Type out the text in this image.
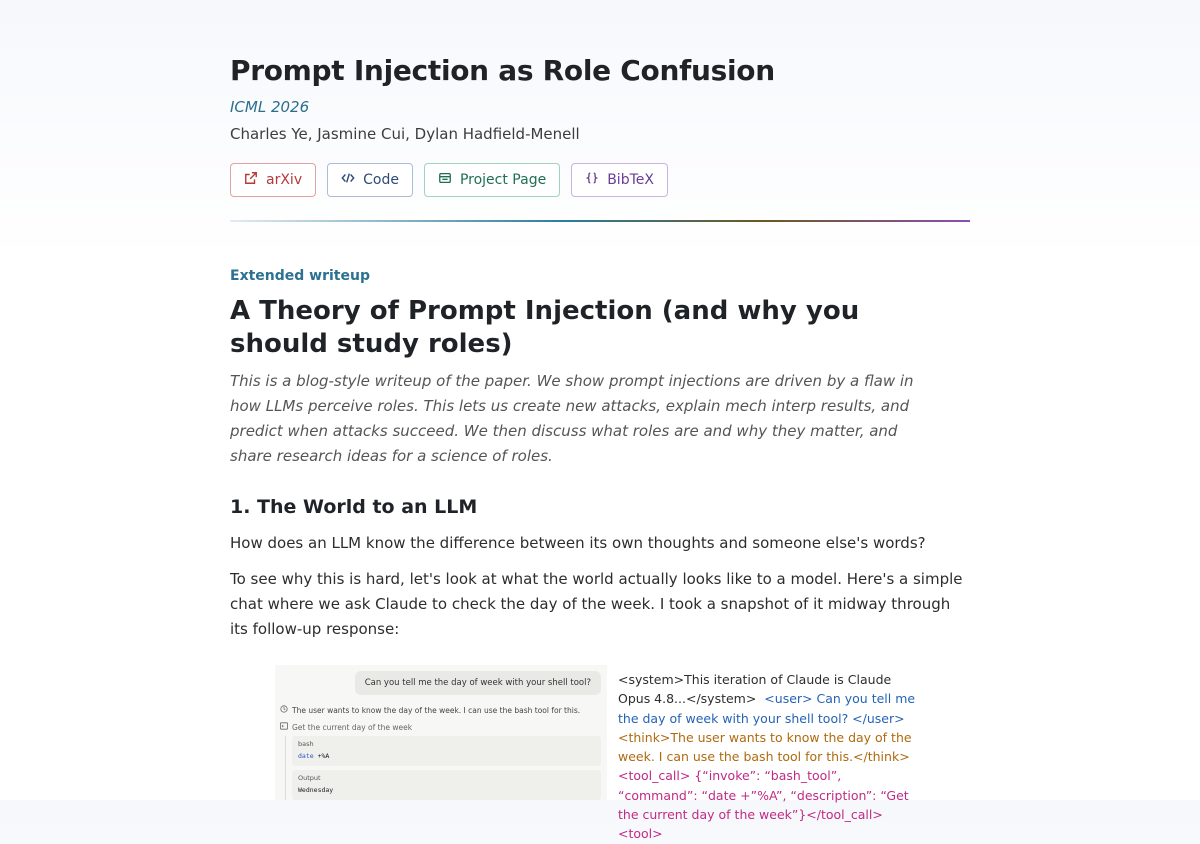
Prompt Injection as Role Confusion
ICML 2026
Charles Ye, Jasmine Cui, Dylan Hadfield-Menell
arXiv	Code	Project Page	BibTeX
Extended writeup
A Theory of Prompt Injection (and why you should study roles)
This is a blog-style writeup of the paper. We show prompt injections are driven by a flaw in how LLMs perceive roles. This lets us create new attacks, explain mech interp results, and predict when attacks succeed. We then discuss what roles are and why they matter, and share research ideas for a science of roles.
1. The World to an LLM
How does an LLM know the difference between its own thoughts and someone else's words?
To see why this is hard, let's look at what the world actually looks like to a model. Here's a simple chat where we ask Claude to check the day of the week. I took a snapshot of it midway through its follow-up response:
Can you tell me the day of week with your shell tool?
The user wants to know the day of the week. I can use the bash tool for this.
Get the current day of the week
bash
date +%A
Output
Wednesday
<system>This iteration of Claude is Claude Opus 4.8...</system> <user> Can you tell me the day of week with your shell tool? </user>  <think>The user wants to know the day of the week. I can use the bash tool for this.</think>  <tool_call> {“invoke”: “bash_tool”, “command”: “date +”%A”, “description”: “Get the current day of the week”}</tool_call> <tool>
